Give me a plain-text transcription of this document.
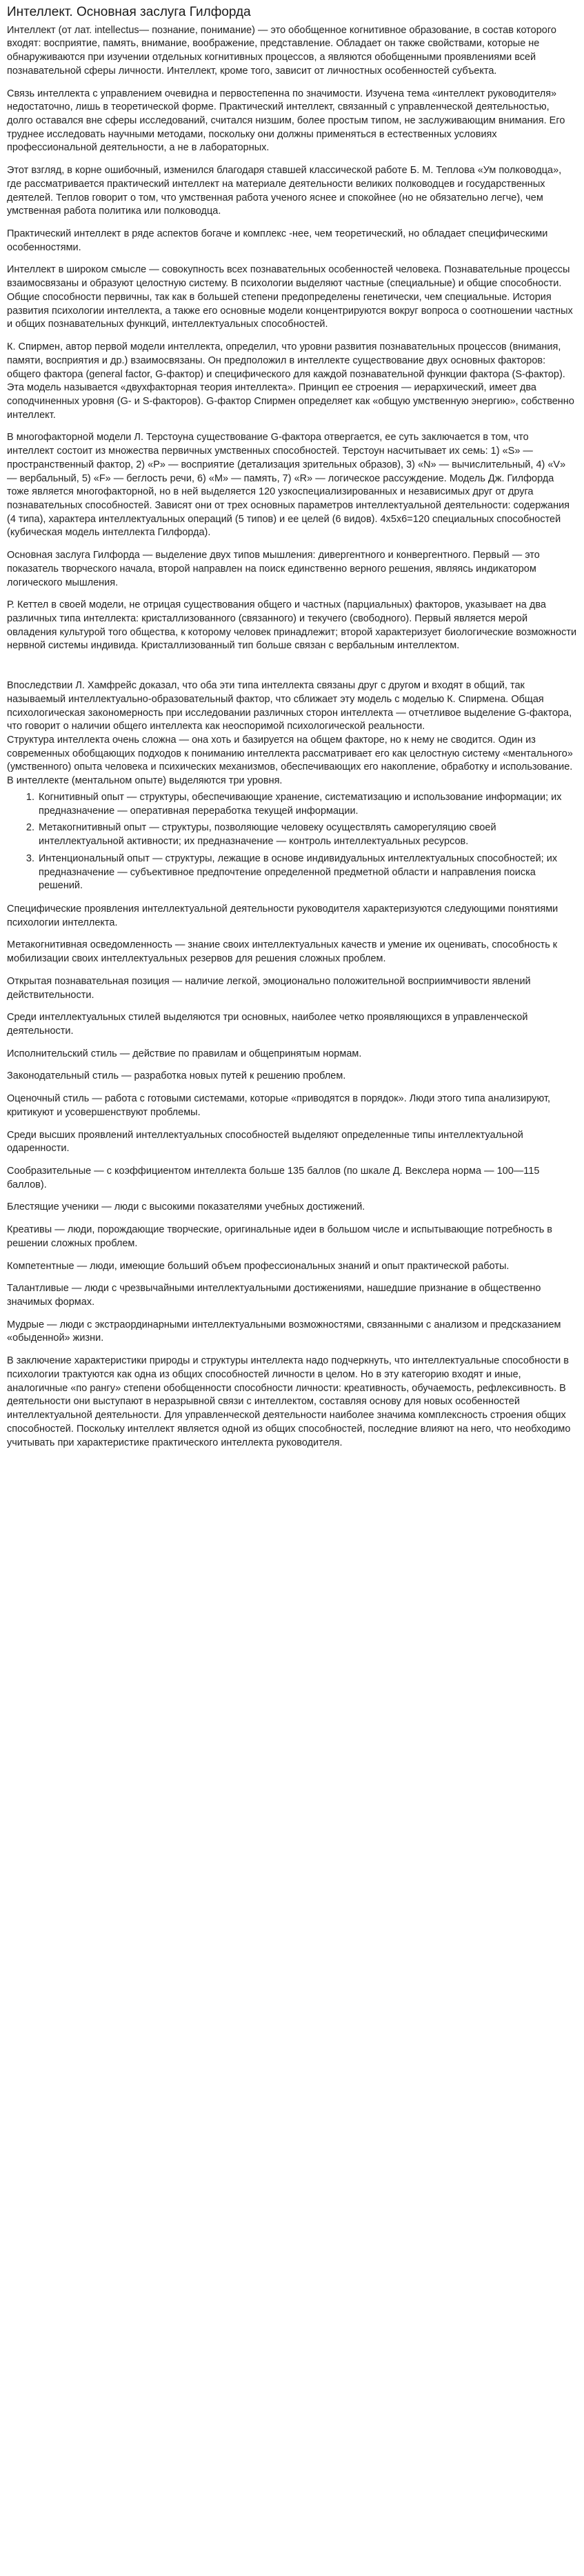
Интеллект. Основная заслуга Гилфорда

Интеллект (от лат. intellectus— познание, понимание) — это обобщенное когнитивное образование, в состав которого входят: восприятие, память, внимание, воображение, представление. Обладает он также свойствами, которые не обнаруживаются при изучении отдельных когнитивных процессов, а являются обобщенными проявлениями всей познавательной сферы личности. Интеллект, кроме того, зависит от личностных особенностей субъекта.

Связь интеллекта с управлением очевидна и первостепенна по значимости. Изучена тема «интеллект руководителя» недостаточно, лишь в теоретической форме. Практический интеллект, связанный с управленческой деятельностью, долго оставался вне сферы исследований, считался низшим, более простым типом, не заслуживающим внимания. Его труднее исследовать научными методами, поскольку они должны применяться в естественных условиях профессиональной деятельности, а не в лабораторных.

Этот взгляд, в корне ошибочный, изменился благодаря ставшей классической работе Б. М. Теплова «Ум полководца», где рассматривается практический интеллект на материале деятельности великих полководцев и государственных деятелей. Теплов говорит о том, что умственная работа ученого яснее и спокойнее (но не обязательно легче), чем умственная работа политика или полководца.

Практический интеллект в ряде аспектов богаче и комплекс -нее, чем теоретический, но обладает специфическими особенностями.

Интеллект в широком смысле — совокупность всех познавательных особенностей человека. Познавательные процессы взаимосвязаны и образуют целостную систему. В психологии выделяют частные (специальные) и общие способности. Общие способности первичны, так как в большей степени предопределены генетически, чем специальные. История развития психологии интеллекта, а также его основные модели концентрируются вокруг вопроса о соотношении частных и общих познавательных функций, интеллектуальных способностей.

К. Спирмен, автор первой модели интеллекта, определил, что уровни развития познавательных процессов (внимания, памяти, восприятия и др.) взаимосвязаны. Он предположил в интеллекте существование двух основных факторов: общего фактора (general factor, G-фактор) и специфического для каждой познавательной функции фактора (S-фактор). Эта модель называется «двухфакторная теория интеллекта». Принцип ее строения — иерархический, имеет два соподчиненных уровня (G- и S-факторов). G-фактор Спирмен определяет как «общую умственную энергию», собственно интеллект.

В многофакторной модели Л. Терстоуна существование G-фактора отвергается, ее суть заключается в том, что интеллект состоит из множества первичных умственных способностей. Терстоун насчитывает их семь: 1) «S» — пространственный фактор, 2) «P» — восприятие (детализация зрительных образов), 3) «N» — вычислительный, 4) «V» — вербальный, 5) «F» — беглость речи, 6) «M» — память, 7) «R» — логическое рассуждение. Модель Дж. Гилфорда тоже является многофакторной, но в ней выделяется 120 узкоспециализированных и независимых друг от друга познавательных способностей. Зависят они от трех основных параметров интеллектуальной деятельности: содержания (4 типа), характера интеллектуальных операций (5 типов) и ее целей (6 видов). 4х5х6=120 специальных способностей (кубическая модель интеллекта Гилфорда).

Основная заслуга Гилфорда — выделение двух типов мышления: дивергентного и конвергентного. Первый — это показатель творческого начала, второй направлен на поиск единственно верного решения, являясь индикатором логического мышления.

Р. Кеттел в своей модели, не отрицая существования общего и частных (парциальных) факторов, указывает на два различных типа интеллекта: кристаллизованного (связанного) и текучего (свободного). Первый является мерой овладения культурой того общества, к которому человек принадлежит; второй характеризует биологические возможности нервной системы индивида. Кристаллизованный тип больше связан с вербальным интеллектом.

Впоследствии Л. Хамфрейс доказал, что оба эти типа интеллекта связаны друг с другом и входят в общий, так называемый интеллектуально-образовательный фактор, что сближает эту модель с моделью К. Спирмена. Общая психологическая закономерность при исследовании различных сторон интеллекта — отчетливое выделение G-фактора, что говорит о наличии общего интеллекта как неоспоримой психологической реальности.

Структура интеллекта очень сложна — она хоть и базируется на общем факторе, но к нему не сводится. Один из современных обобщающих подходов к пониманию интеллекта рассматривает его как целостную систему «ментального» (умственного) опыта человека и психических механизмов, обеспечивающих его накопление, обработку и использование. В интеллекте (ментальном опыте) выделяются три уровня.

1. Когнитивный опыт — структуры, обеспечивающие хранение, систематизацию и использование информации; их предназначение — оперативная переработка текущей информации.
2. Метакогнитивный опыт — структуры, позволяющие человеку осуществлять саморегуляцию своей интеллектуальной активности; их предназначение — контроль интеллектуальных ресурсов.
3. Интенциональный опыт — структуры, лежащие в основе индивидуальных интеллектуальных способностей; их предназначение — субъективное предпочтение определенной предметной области и направления поиска решений.

Специфические проявления интеллектуальной деятельности руководителя характеризуются следующими понятиями психологии интеллекта.

Метакогнитивная осведомленность — знание своих интеллектуальных качеств и умение их оценивать, способность к мобилизации своих интеллектуальных резервов для решения сложных проблем.

Открытая познавательная позиция — наличие легкой, эмоционально положительной восприимчивости явлений действительности.

Среди интеллектуальных стилей выделяются три основных, наиболее четко проявляющихся в управленческой деятельности.

Исполнительский стиль — действие по правилам и общепринятым нормам.

Законодательный стиль — разработка новых путей к решению проблем.

Оценочный стиль — работа с готовыми системами, которые «приводятся в порядок». Люди этого типа анализируют, критикуют и усовершенствуют проблемы.

Среди высших проявлений интеллектуальных способностей выделяют определенные типы интеллектуальной одаренности.

Сообразительные — с коэффициентом интеллекта больше 135 баллов (по шкале Д. Векслера норма — 100—115 баллов).

Блестящие ученики — люди с высокими показателями учебных достижений.

Креативы — люди, порождающие творческие, оригинальные идеи в большом числе и испытывающие потребность в решении сложных проблем.

Компетентные — люди, имеющие больший объем профессиональных знаний и опыт практической работы.

Талантливые — люди с чрезвычайными интеллектуальными достижениями, нашедшие признание в общественно значимых формах.

Мудрые — люди с экстраординарными интеллектуальными возможностями, связанными с анализом и предсказанием «обыденной» жизни.

В заключение характеристики природы и структуры интеллекта надо подчеркнуть, что интеллектуальные способности в психологии трактуются как одна из общих способностей личности в целом. Но в эту категорию входят и иные, аналогичные «по рангу» степени обобщенности способности личности: креативность, обучаемость, рефлексивность. В деятельности они выступают в неразрывной связи с интеллектом, составляя основу для новых особенностей интеллектуальной деятельности. Для управленческой деятельности наиболее значима комплексность строения общих способностей. Поскольку интеллект является одной из общих способностей, последние влияют на него, что необходимо учитывать при характеристике практического интеллекта руководителя.
